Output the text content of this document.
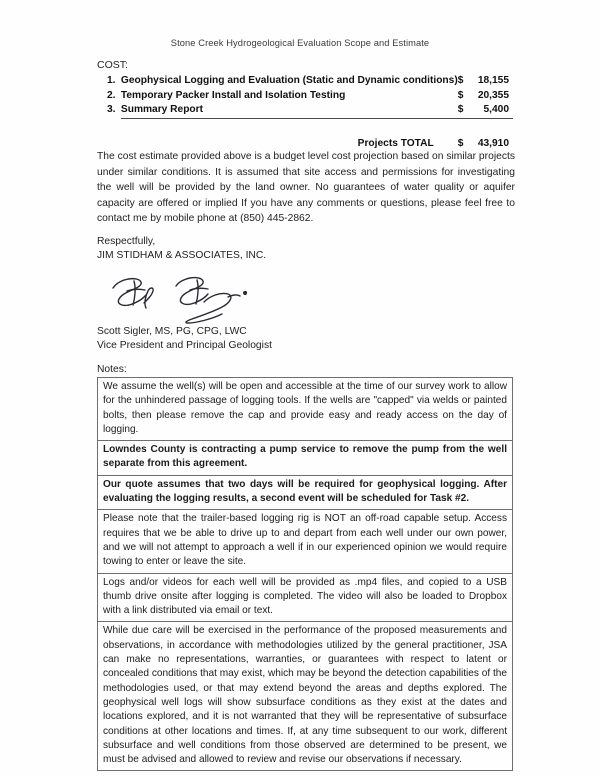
Stone Creek Hydrogeological Evaluation Scope and Estimate
COST:
1.	Geophysical Logging and Evaluation (Static and Dynamic conditions)	$	18,155
2.	Temporary Packer Install and Isolation Testing	$	20,355
3.	Summary Report	$	5,400
	Projects TOTAL	$	43,910
The cost estimate provided above is a budget level cost projection based on similar projects under similar conditions. It is assumed that site access and permissions for investigating the well will be provided by the land owner. No guarantees of water quality or aquifer capacity are offered or implied If you have any comments or questions, please feel free to contact me by mobile phone at (850) 445-2862.
Respectfully,
JIM STIDHAM & ASSOCIATES, INC.
Scott Sigler, MS, PG, CPG, LWC
Vice President and Principal Geologist
Notes:
We assume the well(s) will be open and accessible at the time of our survey work to allow for the unhindered passage of logging tools. If the wells are "capped" via welds or painted bolts, then please remove the cap and provide easy and ready access on the day of logging.
Lowndes County is contracting a pump service to remove the pump from the well separate from this agreement.
Our quote assumes that two days will be required for geophysical logging. After evaluating the logging results, a second event will be scheduled for Task #2.
Please note that the trailer-based logging rig is NOT an off-road capable setup. Access requires that we be able to drive up to and depart from each well under our own power, and we will not attempt to approach a well if in our experienced opinion we would require towing to enter or leave the site.
Logs and/or videos for each well will be provided as .mp4 files, and copied to a USB thumb drive onsite after logging is completed. The video will also be loaded to Dropbox with a link distributed via email or text.
While due care will be exercised in the performance of the proposed measurements and observations, in accordance with methodologies utilized by the general practitioner, JSA can make no representations, warranties, or guarantees with respect to latent or concealed conditions that may exist, which may be beyond the detection capabilities of the methodologies used, or that may extend beyond the areas and depths explored. The geophysical well logs will show subsurface conditions as they exist at the dates and locations explored, and it is not warranted that they will be representative of subsurface conditions at other locations and times. If, at any time subsequent to our work, different subsurface and well conditions from those observed are determined to be present, we must be advised and allowed to review and revise our observations if necessary.
